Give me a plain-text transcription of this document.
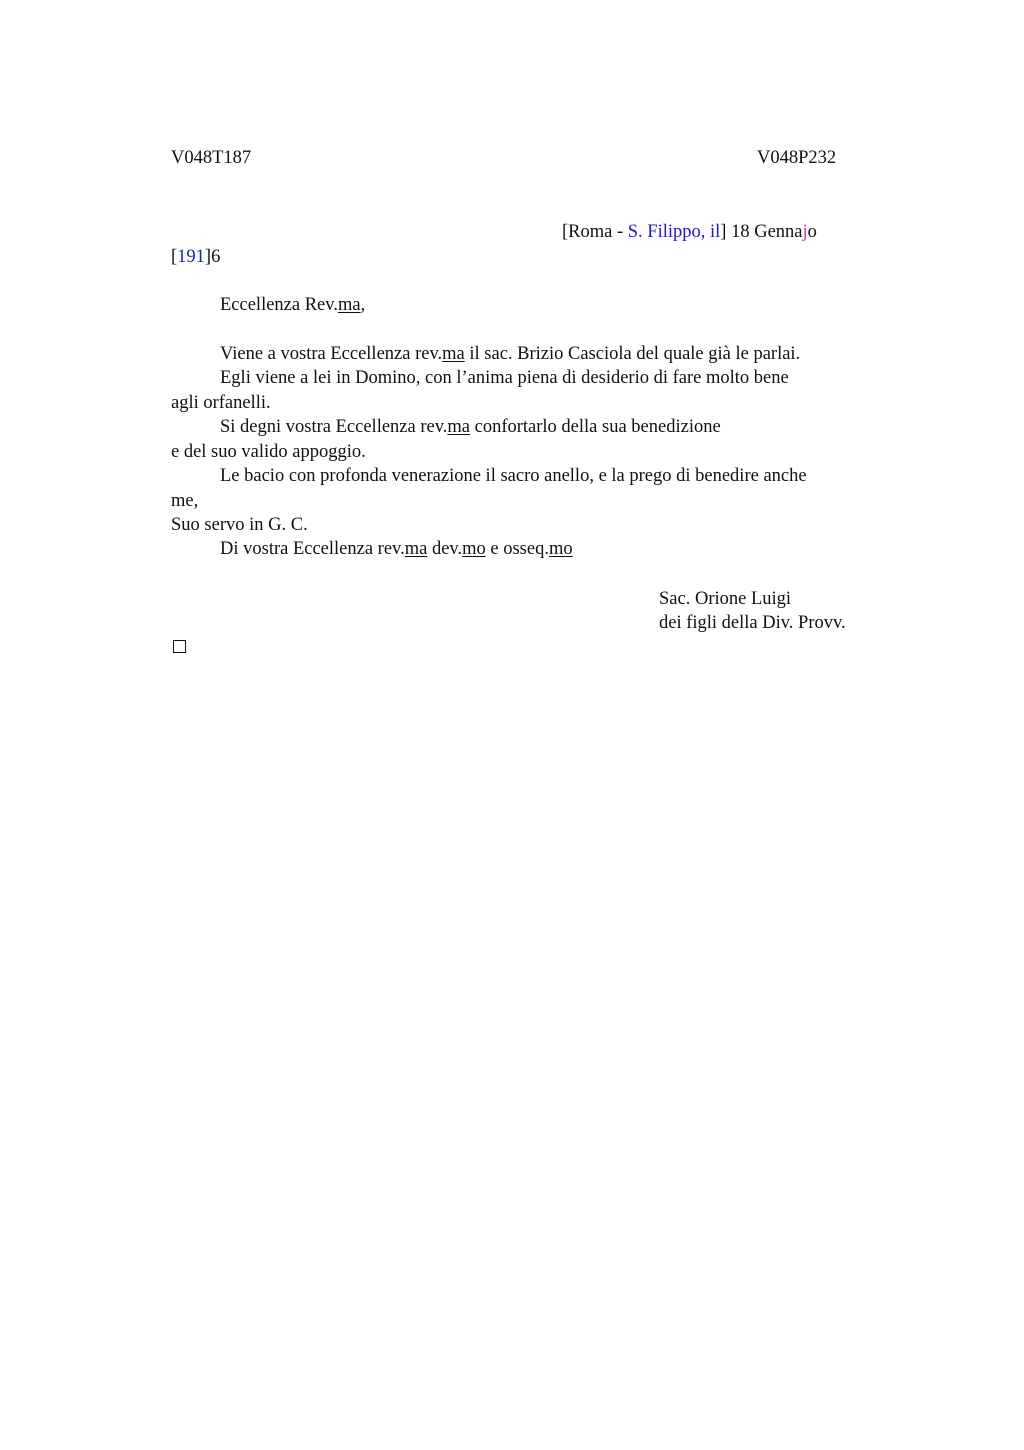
V048T187	V048P232
[Roma - S. Filippo, il] 18 Gennajo
[191]6
Eccellenza Rev.ma,
Viene a vostra Eccellenza rev.ma il sac. Brizio Casciola del quale già le parlai.
Egli viene a lei in Domino, con l’anima piena di desiderio di fare molto bene
agli orfanelli.
Si degni vostra Eccellenza rev.ma confortarlo della sua benedizione
e del suo valido appoggio.
Le bacio con profonda venerazione il sacro anello, e la prego di benedire anche
me,
Suo servo in G. C.
Di vostra Eccellenza rev.ma dev.mo e osseq.mo
Sac. Orione Luigi
dei figli della Div. Provv.
